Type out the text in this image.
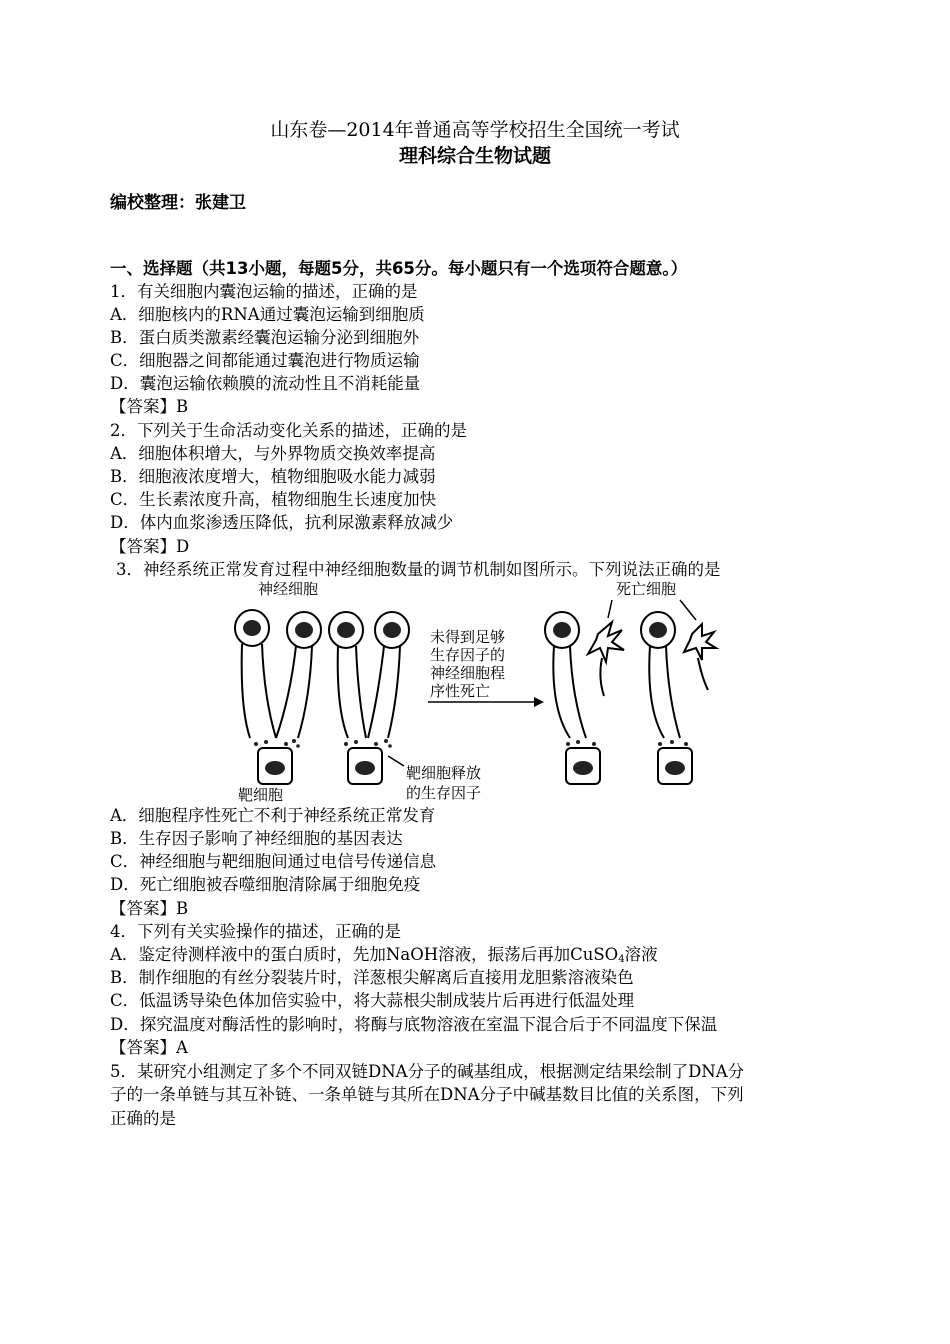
山东卷—2014年普通高等学校招生全国统一考试
理科综合生物试题
编校整理：张建卫
一、选择题（共13小题，每题5分，共65分。每小题只有一个选项符合题意。）
1．有关细胞内囊泡运输的描述，正确的是
A．细胞核内的RNA通过囊泡运输到细胞质
B．蛋白质类激素经囊泡运输分泌到细胞外
C．细胞器之间都能通过囊泡进行物质运输
D．囊泡运输依赖膜的流动性且不消耗能量
【答案】B
2．下列关于生命活动变化关系的描述，正确的是
A．细胞体积增大，与外界物质交换效率提高
B．细胞液浓度增大，植物细胞吸水能力减弱
C．生长素浓度升高，植物细胞生长速度加快
D．体内血浆渗透压降低，抗利尿激素释放减少
【答案】D
3．神经系统正常发育过程中神经细胞数量的调节机制如图所示。下列说法正确的是
神经细胞
靶细胞
靶细胞释放
的生存因子
未得到足够
生存因子的
神经细胞程
序性死亡
死亡细胞
A．细胞程序性死亡不利于神经系统正常发育
B．生存因子影响了神经细胞的基因表达
C．神经细胞与靶细胞间通过电信号传递信息
D．死亡细胞被吞噬细胞清除属于细胞免疫
【答案】B
4．下列有关实验操作的描述，正确的是
A．鉴定待测样液中的蛋白质时，先加NaOH溶液，振荡后再加CuSO$_4$溶液
B．制作细胞的有丝分裂装片时，洋葱根尖解离后直接用龙胆紫溶液染色
C．低温诱导染色体加倍实验中，将大蒜根尖制成装片后再进行低温处理
D．探究温度对酶活性的影响时，将酶与底物溶液在室温下混合后于不同温度下保温
【答案】A
5．某研究小组测定了多个不同双链DNA分子的碱基组成，根据测定结果绘制了DNA分
子的一条单链与其互补链、一条单链与其所在DNA分子中碱基数目比值的关系图，下列
正确的是
